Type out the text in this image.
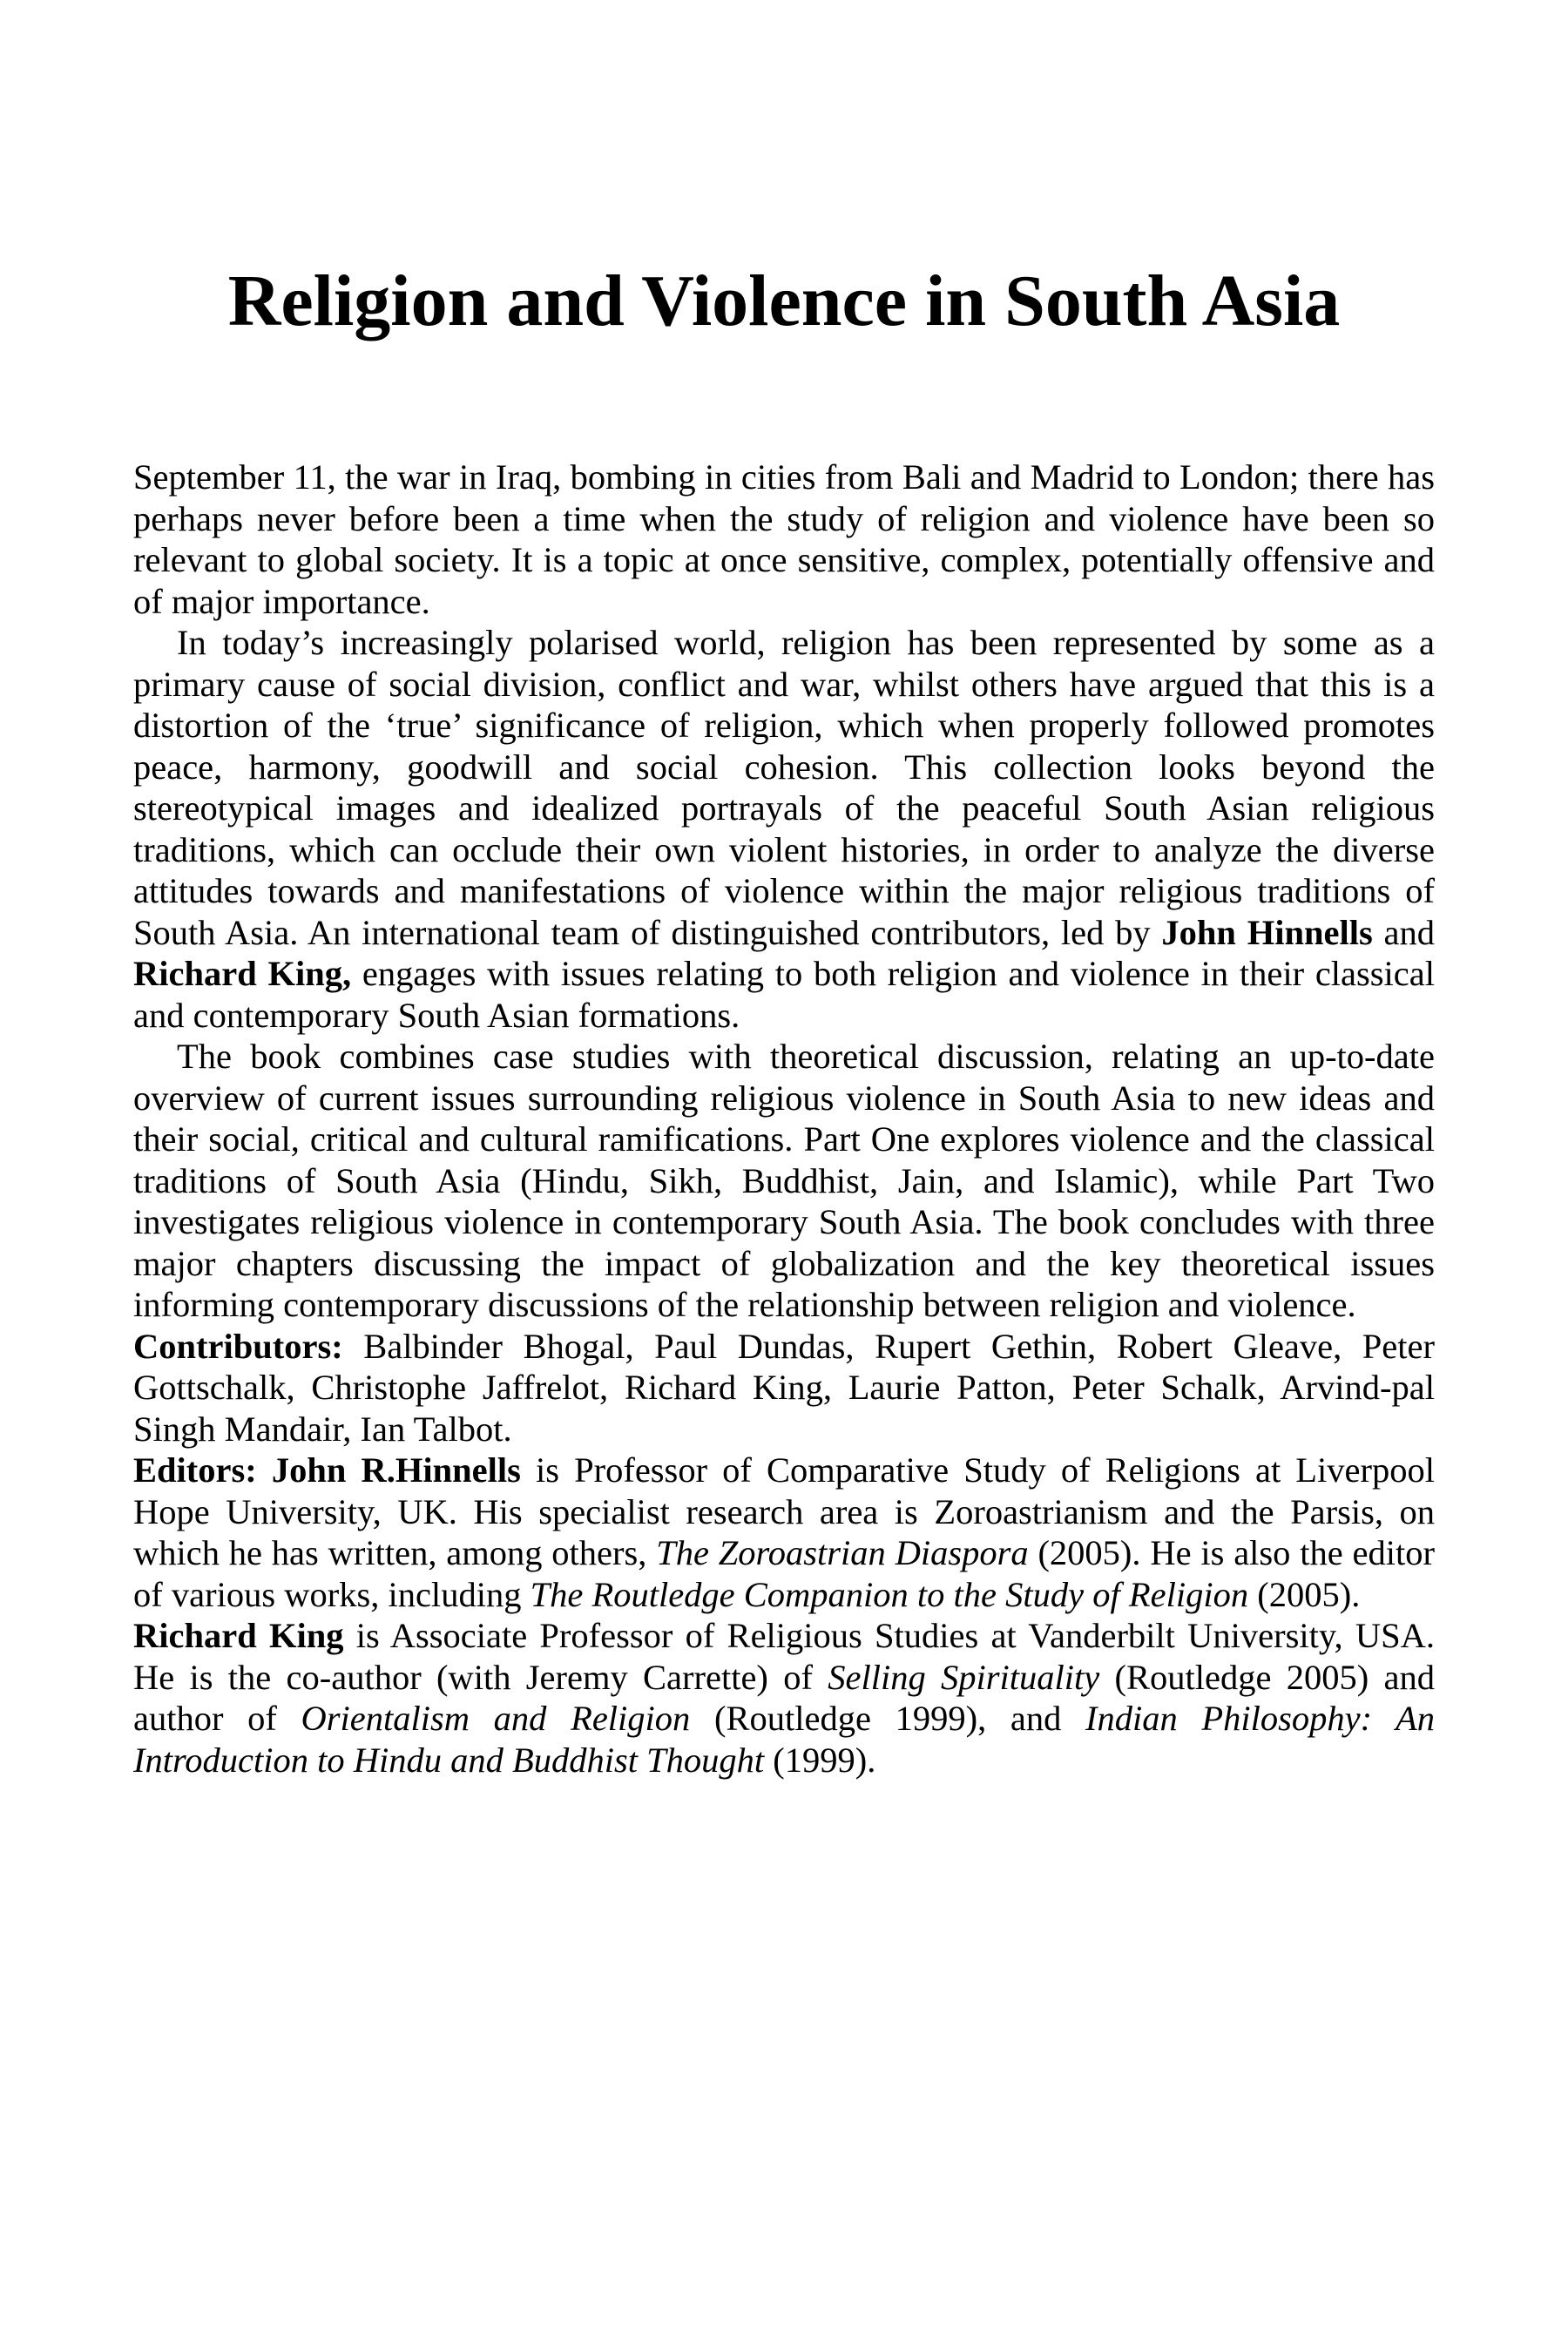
Religion and Violence in South Asia

September 11, the war in Iraq, bombing in cities from Bali and Madrid to London; there has perhaps never before been a time when the study of religion and violence have been so relevant to global society. It is a topic at once sensitive, complex, potentially offensive and of major importance.

In today’s increasingly polarised world, religion has been represented by some as a primary cause of social division, conflict and war, whilst others have argued that this is a distortion of the ‘true’ significance of religion, which when properly followed promotes peace, harmony, goodwill and social cohesion. This collection looks beyond the stereotypical images and idealized portrayals of the peaceful South Asian religious traditions, which can occlude their own violent histories, in order to analyze the diverse attitudes towards and manifestations of violence within the major religious traditions of South Asia. An international team of distinguished contributors, led by John Hinnells and Richard King, engages with issues relating to both religion and violence in their classical and contemporary South Asian formations.

The book combines case studies with theoretical discussion, relating an up-to-date overview of current issues surrounding religious violence in South Asia to new ideas and their social, critical and cultural ramifications. Part One explores violence and the classical traditions of South Asia (Hindu, Sikh, Buddhist, Jain, and Islamic), while Part Two investigates religious violence in contemporary South Asia. The book concludes with three major chapters discussing the impact of globalization and the key theoretical issues informing contemporary discussions of the relationship between religion and violence.

Contributors: Balbinder Bhogal, Paul Dundas, Rupert Gethin, Robert Gleave, Peter Gottschalk, Christophe Jaffrelot, Richard King, Laurie Patton, Peter Schalk, Arvind-pal Singh Mandair, Ian Talbot.

Editors: John R.Hinnells is Professor of Comparative Study of Religions at Liverpool Hope University, UK. His specialist research area is Zoroastrianism and the Parsis, on which he has written, among others, The Zoroastrian Diaspora (2005). He is also the editor of various works, including The Routledge Companion to the Study of Religion (2005).

Richard King is Associate Professor of Religious Studies at Vanderbilt University, USA. He is the co-author (with Jeremy Carrette) of Selling Spirituality (Routledge 2005) and author of Orientalism and Religion (Routledge 1999), and Indian Philosophy: An Introduction to Hindu and Buddhist Thought (1999).
